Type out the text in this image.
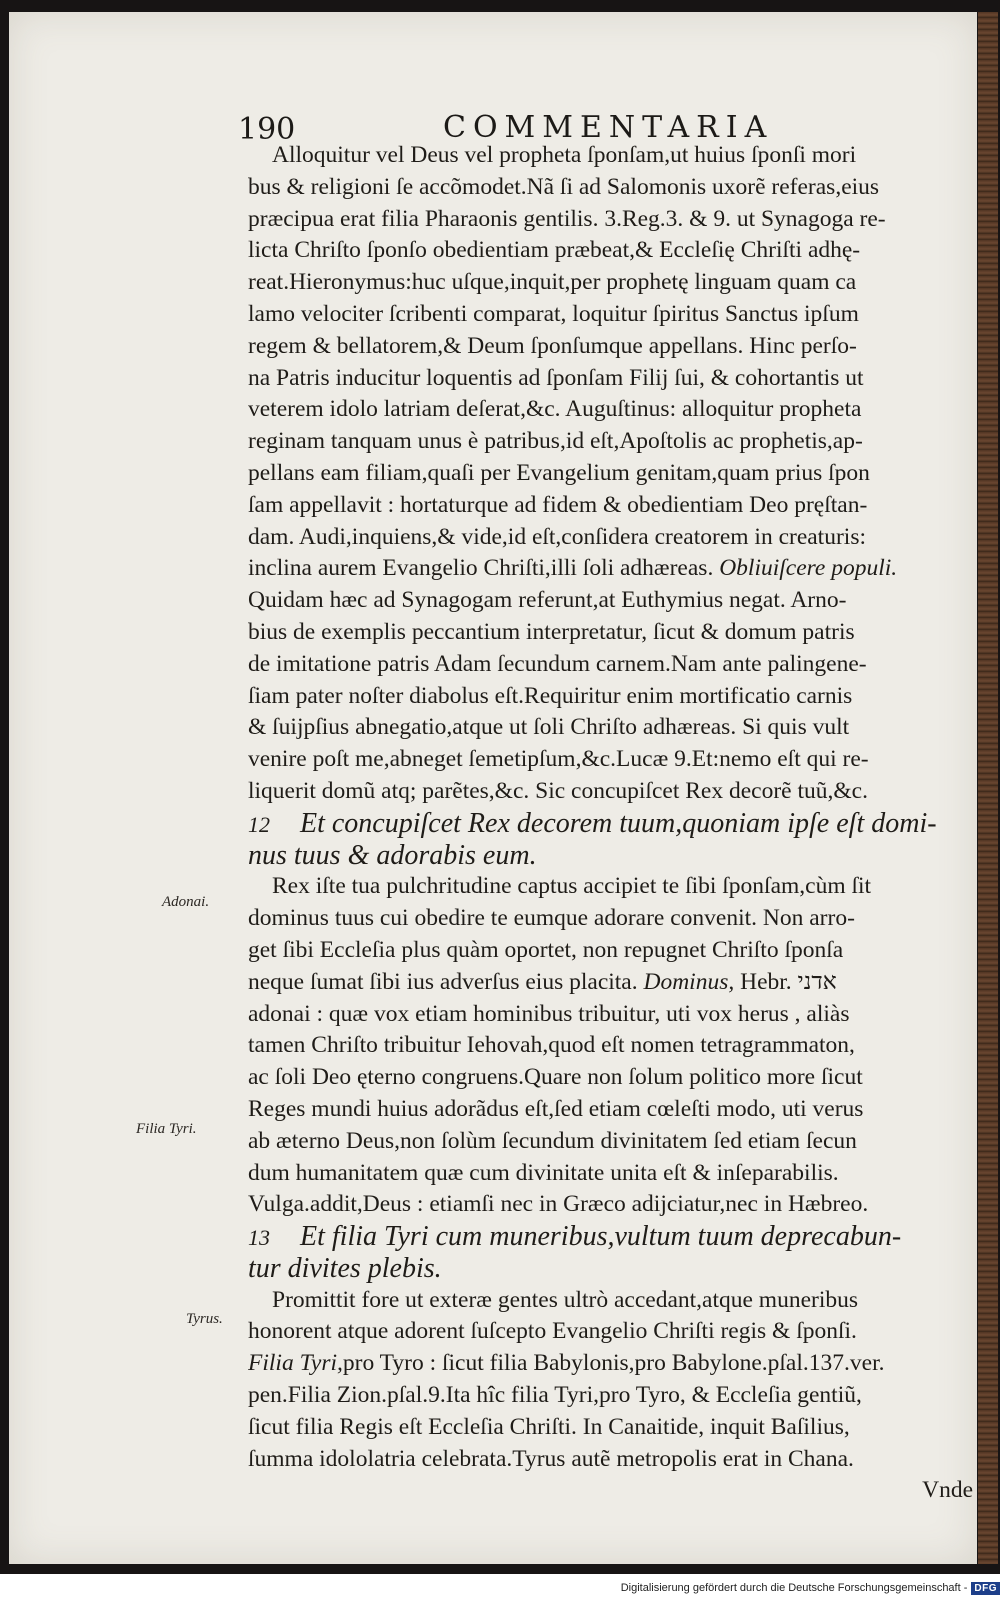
190	COMMENTARIA
Alloquitur vel Deus vel propheta ſponſam,ut huius ſponſi mori
bus & religioni ſe accõmodet.Nã ſi ad Salomonis uxorẽ referas,eius
præcipua erat filia Pharaonis gentilis. 3.Reg.3. & 9. ut Synagoga re-
licta Chriſto ſponſo obedientiam præbeat,& Eccleſię Chriſti adhę-
reat.Hieronymus:huc uſque,inquit,per prophetę linguam quam ca
lamo velociter ſcribenti comparat, loquitur ſpiritus Sanctus ipſum
regem & bellatorem,& Deum ſponſumque appellans. Hinc perſo-
na Patris inducitur loquentis ad ſponſam Filij ſui, & cohortantis ut
veterem idolo latriam deſerat,&c. Auguſtinus: alloquitur propheta
reginam tanquam unus è patribus,id eſt,Apoſtolis ac prophetis,ap-
pellans eam filiam,quaſi per Evangelium genitam,quam prius ſpon
ſam appellavit : hortaturque ad fidem & obedientiam Deo pręſtan-
dam. Audi,inquiens,& vide,id eſt,conſidera creatorem in creaturis:
inclina aurem Evangelio Chriſti,illi ſoli adhæreas. Obliuiſcere populi.
Quidam hæc ad Synagogam referunt,at Euthymius negat. Arno-
bius de exemplis peccantium interpretatur, ſicut & domum patris
de imitatione patris Adam ſecundum carnem.Nam ante palingene-
ſiam pater noſter diabolus eſt.Requiritur enim mortificatio carnis
& ſuijpſius abnegatio,atque ut ſoli Chriſto adhæreas. Si quis vult
venire poſt me,abneget ſemetipſum,&c.Lucæ 9.Et:nemo eſt qui re-
liquerit domũ atq; parẽtes,&c. Sic concupiſcet Rex decorẽ tuũ,&c.
12 Et concupiſcet Rex decorem tuum,quoniam ipſe eſt domi-
nus tuus & adorabis eum.
Rex iſte tua pulchritudine captus accipiet te ſibi ſponſam,cùm ſit
dominus tuus cui obedire te eumque adorare convenit. Non arro-
get ſibi Eccleſia plus quàm oportet, non repugnet Chriſto ſponſa
neque ſumat ſibi ius adverſus eius placita. Dominus, Hebr. אדני
adonai : quæ vox etiam hominibus tribuitur, uti vox herus , aliàs
tamen Chriſto tribuitur Iehovah,quod eſt nomen tetragrammaton,
ac ſoli Deo ęterno congruens.Quare non ſolum politico more ſicut
Reges mundi huius adorãdus eſt,ſed etiam cœleſti modo, uti verus
ab æterno Deus,non ſolùm ſecundum divinitatem ſed etiam ſecun
dum humanitatem quæ cum divinitate unita eſt & inſeparabilis.
Vulga.addit,Deus : etiamſi nec in Græco adijciatur,nec in Hæbreo.
13 Et filia Tyri cum muneribus,vultum tuum deprecabun-
tur divites plebis.
Promittit fore ut exteræ gentes ultrò accedant,atque muneribus
honorent atque adorent ſuſcepto Evangelio Chriſti regis & ſponſi.
Filia Tyri,pro Tyro : ſicut filia Babylonis,pro Babylone.pſal.137.ver.
pen.Filia Zion.pſal.9.Ita hîc filia Tyri,pro Tyro, & Eccleſia gentiũ,
ſicut filia Regis eſt Eccleſia Chriſti. In Canaitide, inquit Baſilius,
ſumma idololatria celebrata.Tyrus autẽ metropolis erat in Chana.
Vnde
Adonai.
Filia Tyri.
Tyrus.
Digitalisierung gefördert durch die Deutsche Forschungsgemeinschaft - DFG
